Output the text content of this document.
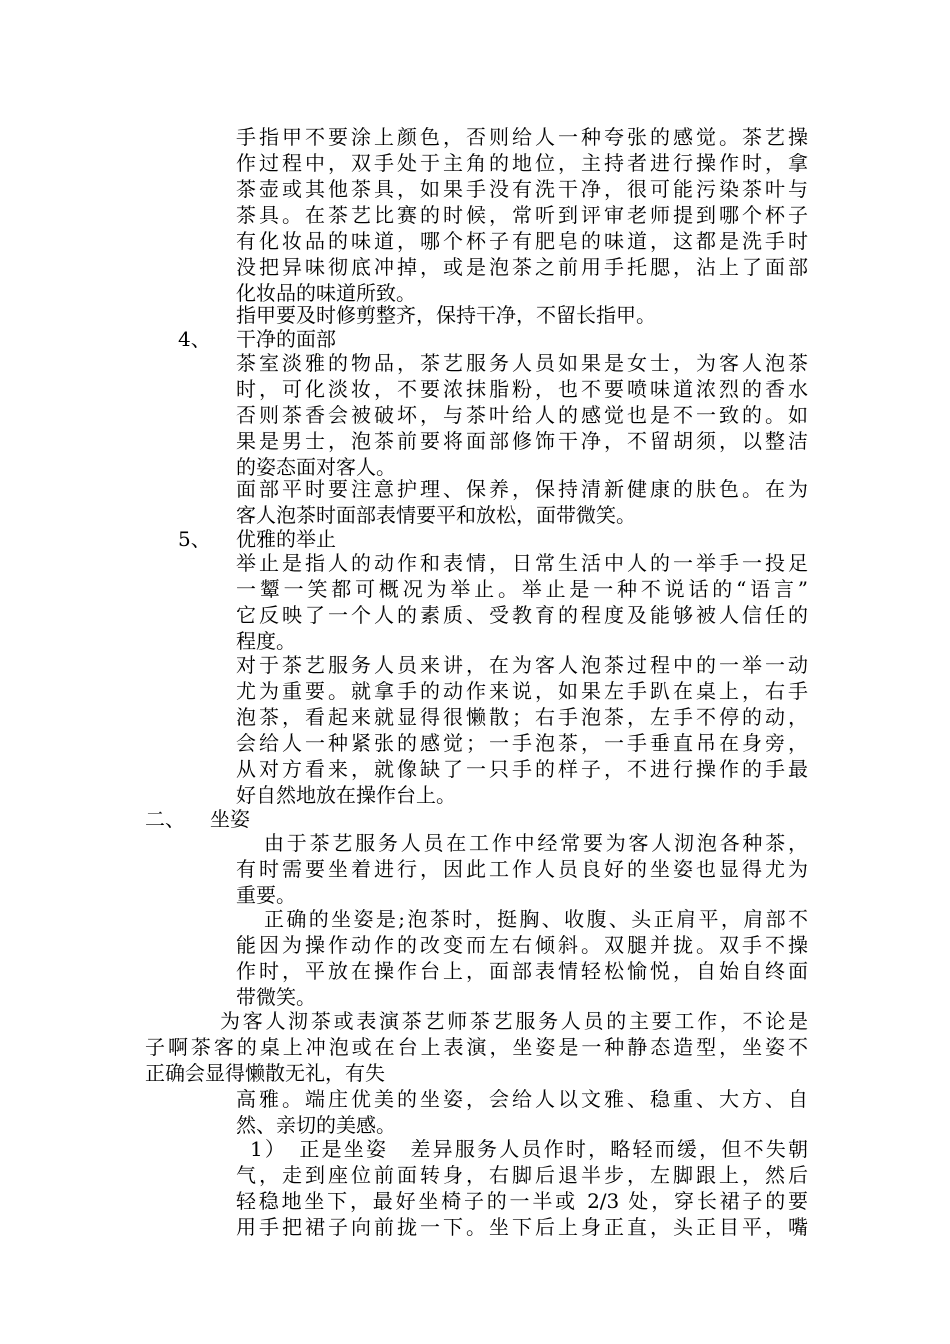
手指甲不要涂上颜色，否则给人一种夸张的感觉。茶艺操
作过程中，双手处于主角的地位，主持者进行操作时，拿
茶壶或其他茶具，如果手没有洗干净，很可能污染茶叶与
茶具。在茶艺比赛的时候，常听到评审老师提到哪个杯子
有化妆品的味道，哪个杯子有肥皂的味道，这都是洗手时
没把异味彻底冲掉，或是泡茶之前用手托腮，沾上了面部
化妆品的味道所致。
指甲要及时修剪整齐，保持干净，不留长指甲。
4、 干净的面部
茶室淡雅的物品，茶艺服务人员如果是女士，为客人泡茶
时，可化淡妆，不要浓抹脂粉，也不要喷味道浓烈的香水
否则茶香会被破坏，与茶叶给人的感觉也是不一致的。如
果是男士，泡茶前要将面部修饰干净，不留胡须，以整洁
的姿态面对客人。
面部平时要注意护理、保养，保持清新健康的肤色。在为
客人泡茶时面部表情要平和放松，面带微笑。
5、 优雅的举止
举止是指人的动作和表情，日常生活中人的一举手一投足
一颦一笑都可概况为举止。举止是一种不说话的“语言”
它反映了一个人的素质、受教育的程度及能够被人信任的
程度。
对于茶艺服务人员来讲，在为客人泡茶过程中的一举一动
尤为重要。就拿手的动作来说，如果左手趴在桌上，右手
泡茶，看起来就显得很懒散；右手泡茶，左手不停的动，
会给人一种紧张的感觉；一手泡茶，一手垂直吊在身旁，
从对方看来，就像缺了一只手的样子，不进行操作的手最
好自然地放在操作台上。
二、 坐姿
由于茶艺服务人员在工作中经常要为客人沏泡各种茶，
有时需要坐着进行，因此工作人员良好的坐姿也显得尤为
重要。
正确的坐姿是;泡茶时，挺胸、收腹、头正肩平，肩部不
能因为操作动作的改变而左右倾斜。双腿并拢。双手不操
作时，平放在操作台上，面部表情轻松愉悦，自始自终面
带微笑。
为客人沏茶或表演茶艺师茶艺服务人员的主要工作，不论是
子啊茶客的桌上冲泡或在台上表演，坐姿是一种静态造型，坐姿不
正确会显得懒散无礼，有失
高雅。端庄优美的坐姿，会给人以文雅、稳重、大方、自
然、亲切的美感。
1）　正是坐姿　差异服务人员作时，略轻而缓，但不失朝
气，走到座位前面转身，右脚后退半步，左脚跟上，然后
轻稳地坐下，最好坐椅子的一半或 2/3 处，穿长裙子的要
用手把裙子向前拢一下。坐下后上身正直，头正目平，嘴
